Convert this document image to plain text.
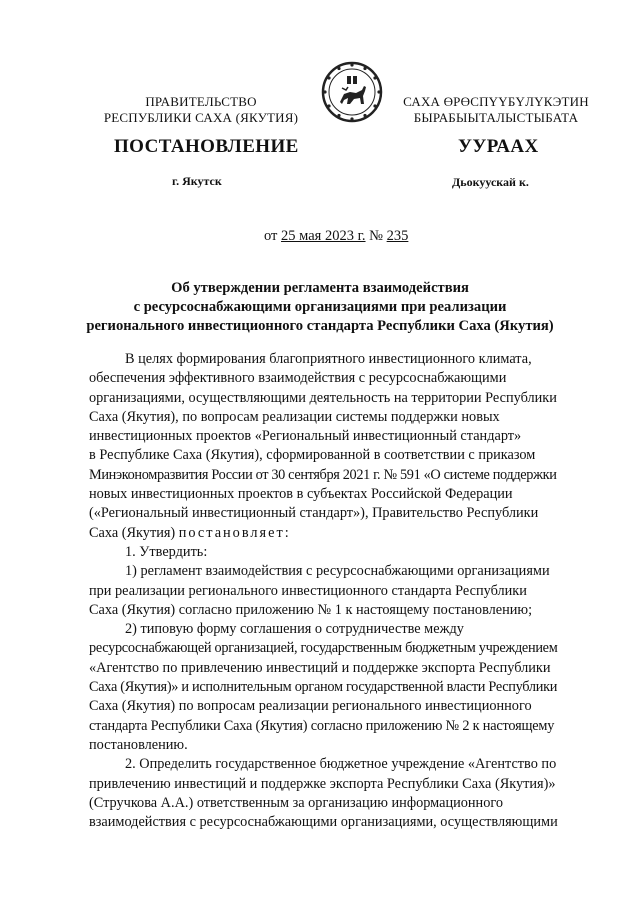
ПРАВИТЕЛЬСТВО
РЕСПУБЛИКИ САХА (ЯКУТИЯ)
САХА ӨРӨСПҮҮБҮЛҮКЭТИН
БЫРАБЫЫТАЛЫСТЫБАТА
ПОСТАНОВЛЕНИЕ	УУРААХ
г. Якутск	Дьокуускай к.
от 25 мая 2023 г. № 235
Об утверждении регламента взаимодействия
с ресурсоснабжающими организациями при реализации
регионального инвестиционного стандарта Республики Саха (Якутия)

В целях формирования благоприятного инвестиционного климата,

обеспечения эффективного взаимодействия с ресурсоснабжающими

организациями, осуществляющими деятельность на территории Республики

Саха (Якутия), по вопросам реализации системы поддержки новых

инвестиционных проектов «Региональный инвестиционный стандарт»

в Республике Саха (Якутия), сформированной в соответствии с приказом

Минэкономразвития России от 30 сентября 2021 г. № 591 «О системе поддержки

новых инвестиционных проектов в субъектах Российской Федерации

(«Региональный инвестиционный стандарт»), Правительство Республики

Саха (Якутия) постановляет:

1. Утвердить:

1) регламент взаимодействия с ресурсоснабжающими организациями

при реализации регионального инвестиционного стандарта Республики

Саха (Якутия) согласно приложению № 1 к настоящему постановлению;

2) типовую форму соглашения о сотрудничестве между

ресурсоснабжающей организацией, государственным бюджетным учреждением

«Агентство по привлечению инвестиций и поддержке экспорта Республики

Саха (Якутия)» и исполнительным органом государственной власти Республики

Саха (Якутия) по вопросам реализации регионального инвестиционного

стандарта Республики Саха (Якутия) согласно приложению № 2 к настоящему

постановлению.

2. Определить государственное бюджетное учреждение «Агентство по

привлечению инвестиций и поддержке экспорта Республики Саха (Якутия)»

(Стручкова А.А.) ответственным за организацию информационного

взаимодействия с ресурсоснабжающими организациями, осуществляющими
